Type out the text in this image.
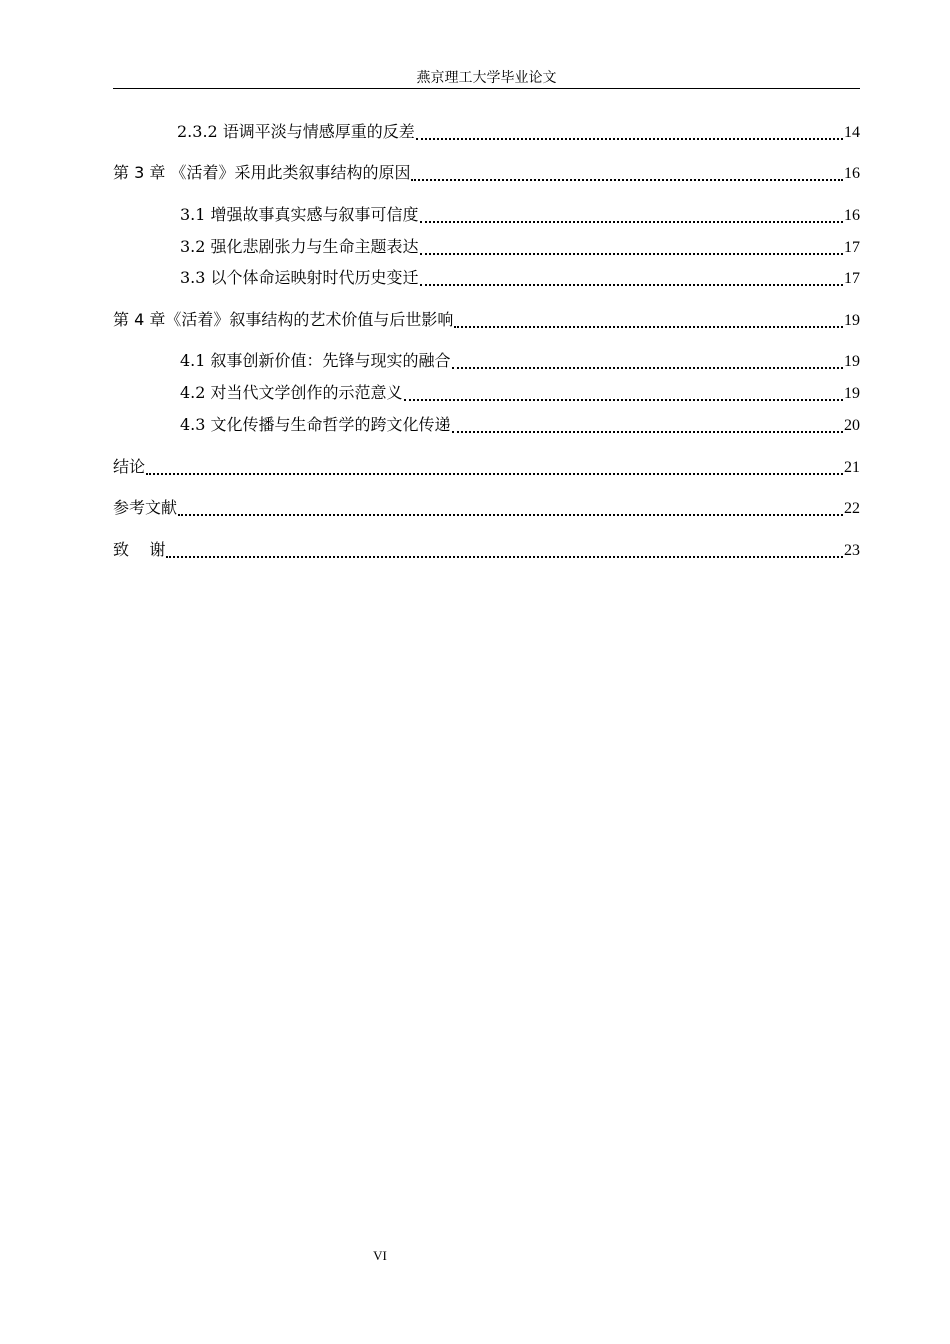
燕京理工大学毕业论文
2.3.2 语调平淡与情感厚重的反差	14
第 3 章 《活着》采用此类叙事结构的原因	16
3.1 增强故事真实感与叙事可信度	16
3.2 强化悲剧张力与生命主题表达	17
3.3 以个体命运映射时代历史变迁	17
第 4 章《活着》叙事结构的艺术价值与后世影响	19
4.1 叙事创新价值：先锋与现实的融合	19
4.2 对当代文学创作的示范意义	19
4.3 文化传播与生命哲学的跨文化传递	20
结论	21
参考文献	22
致    谢	23
VI
